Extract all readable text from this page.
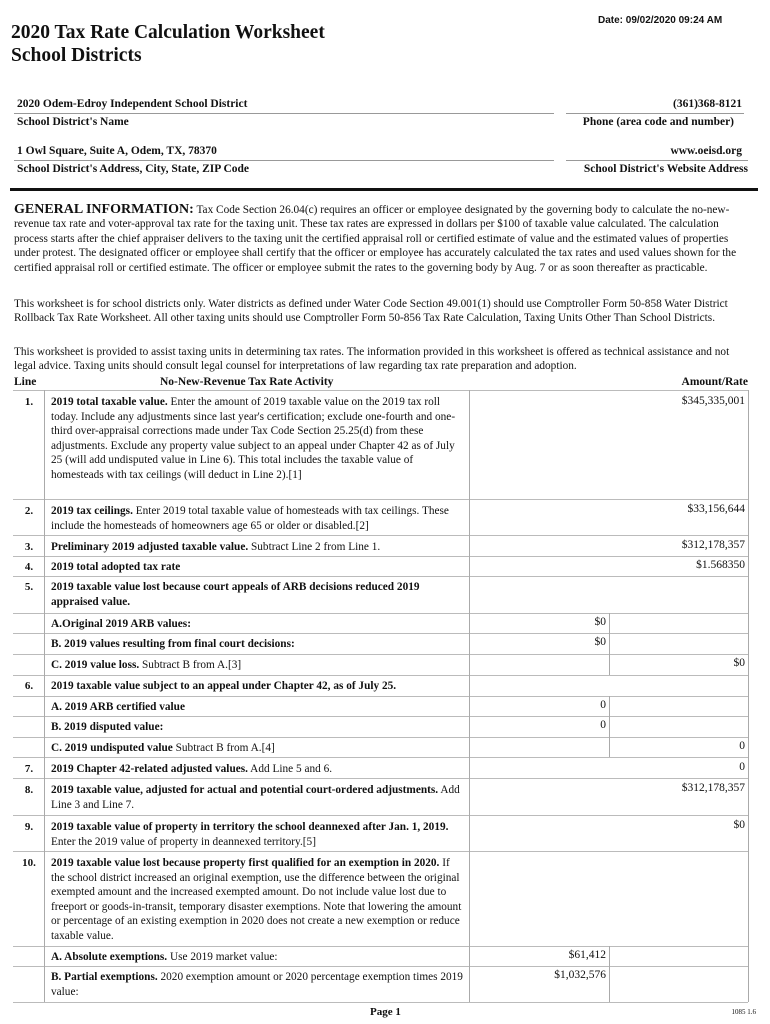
Date: 09/02/2020 09:24 AM
2020 Tax Rate Calculation Worksheet
School Districts
2020 Odem-Edroy Independent School District
School District's Name
(361)368-8121
Phone (area code and number)
1 Owl Square, Suite A, Odem, TX, 78370
School District's Address, City, State, ZIP Code
www.oeisd.org
School District's Website Address
GENERAL INFORMATION: Tax Code Section 26.04(c) requires an officer or employee designated by the governing body to calculate the no-new-revenue tax rate and voter-approval tax rate for the taxing unit. These tax rates are expressed in dollars per $100 of taxable value calculated. The calculation process starts after the chief appraiser delivers to the taxing unit the certified appraisal roll or certified estimate of value and the estimated values of properties under protest. The designated officer or employee shall certify that the officer or employee has accurately calculated the tax rates and used values shown for the certified appraisal roll or certified estimate. The officer or employee submit the rates to the governing body by Aug. 7 or as soon thereafter as practicable.
This worksheet is for school districts only. Water districts as defined under Water Code Section 49.001(1) should use Comptroller Form 50-858 Water District Rollback Tax Rate Worksheet. All other taxing units should use Comptroller Form 50-856 Tax Rate Calculation, Taxing Units Other Than School Districts.
This worksheet is provided to assist taxing units in determining tax rates. The information provided in this worksheet is offered as technical assistance and not legal advice. Taxing units should consult legal counsel for interpretations of law regarding tax rate preparation and adoption.
Line	No-New-Revenue Tax Rate Activity	Amount/Rate
1.	2019 total taxable value. Enter the amount of 2019 taxable value on the 2019 tax roll today. Include any adjustments since last year's certification; exclude one-fourth and one-third over-appraisal corrections made under Tax Code Section 25.25(d) from these adjustments. Exclude any property value subject to an appeal under Chapter 42 as of July 25 (will add undisputed value in Line 6). This total includes the taxable value of homesteads with tax ceilings (will deduct in Line 2).[1]
$345,335,001
2.	2019 tax ceilings. Enter 2019 total taxable value of homesteads with tax ceilings. These include the homesteads of homeowners age 65 or older or disabled.[2]
$33,156,644
3.	Preliminary 2019 adjusted taxable value. Subtract Line 2 from Line 1.	$312,178,357
4.	2019 total adopted tax rate	$1.568350
5.	2019 taxable value lost because court appeals of ARB decisions reduced 2019 appraised value.
A.Original 2019 ARB values:	$0
B. 2019 values resulting from final court decisions:	$0
C. 2019 value loss. Subtract B from A.[3]	$0
6.	2019 taxable value subject to an appeal under Chapter 42, as of July 25.
A. 2019 ARB certified value	0
B. 2019 disputed value:	0
C. 2019 undisputed value Subtract B from A.[4]	0
7.	2019 Chapter 42-related adjusted values. Add Line 5 and 6.	0
8.	2019 taxable value, adjusted for actual and potential court-ordered adjustments. Add Line 3 and Line 7.
$312,178,357
9.	2019 taxable value of property in territory the school deannexed after Jan. 1, 2019. Enter the 2019 value of property in deannexed territory.[5]
$0
10.	2019 taxable value lost because property first qualified for an exemption in 2020. If the school district increased an original exemption, use the difference between the original exempted amount and the increased exempted amount. Do not include value lost due to freeport or goods-in-transit, temporary disaster exemptions. Note that lowering the amount or percentage of an existing exemption in 2020 does not create a new exemption or reduce taxable value.
A. Absolute exemptions. Use 2019 market value:	$61,412
B. Partial exemptions. 2020 exemption amount or 2020 percentage exemption times 2019 value:
$1,032,576
Page 1	1085 1.6
